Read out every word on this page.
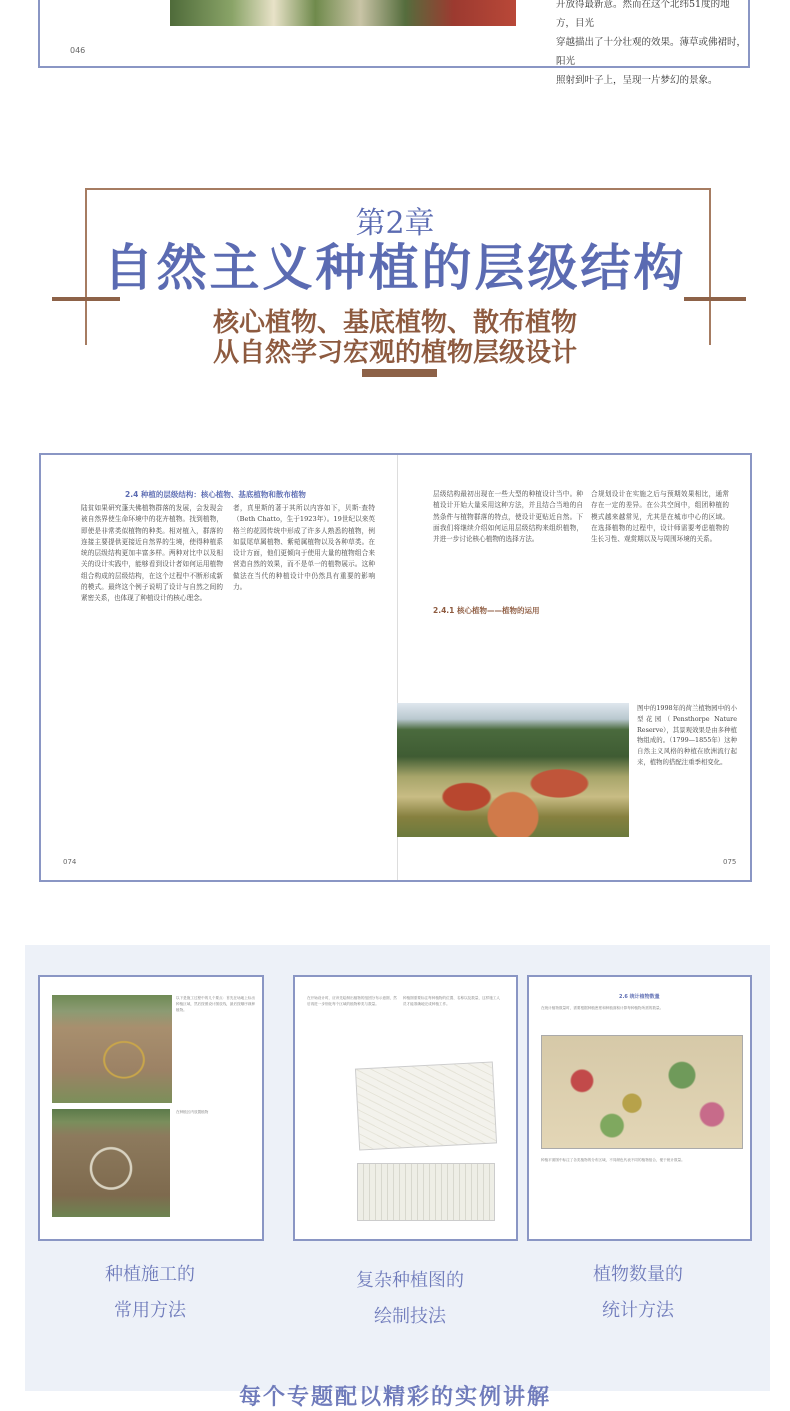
046
开放得最新意。然而在这个北纬51度的地方，目光
穿越描出了十分壮观的效果。薄草或佛裙时，阳光
照射到叶子上，呈现一片梦幻的景象。
第2章
自然主义种植的层级结构
核心植物、基底植物、散布植物
从自然学习宏观的植物层级设计
2.4 种植的层级结构：核心植物、基底植物和散布植物
陆贫如果研究蓬夫佛植物群落的发展，会发现会被自然界使生命环境中的花卉植物。找到植物，即使是非常类似植物的种类。相对植入，群落的连接主要提供更接近自然界的生境，使得种植系统的层级结构更加丰富多样。两种对比中以及相关的设计实践中，能够看到设计者如何运用植物组合构成的层级结构，在这个过程中不断形成新的模式。最终这个例子说明了设计与自然之间的紧密关系，也体现了种植设计的核心理念。
者，真里斯的著于其所以内容如下，贝斯·查特（Beth Chatto，生于1923年）。19世纪以来英格兰的花园传统中形成了许多人熟悉的植物，例如鼠尾草属植物、紫菀属植物以及各种草类。在设计方面，他们更倾向于使用大量的植物组合来营造自然的效果，而不是单一的植物展示。这种做法在当代的种植设计中仍然具有重要的影响力。
层级结构最初出现在一些大型的种植设计当中。种植设计开始大量采用这种方法，并且结合当地的自然条件与植物群落的特点，使设计更贴近自然。下面我们将继续介绍如何运用层级结构来组织植物，并进一步讨论核心植物的选择方法。
2.4.1 核心植物——植物的运用
合规划设计在实施之后与预期效果相比，通常存在一定的差异。在公共空间中，组团种植的模式越来越常见，尤其是在城市中心的区域。在选择植物的过程中，设计师需要考虑植物的生长习性、观赏期以及与周围环境的关系。
图中的1998年的荷兰植物园中的小型花园（Pensthorpe Nature Reserve），其景观效果是由多种植物组成的。（1799—1855年）这种自然主义风格的种植在欧洲流行起来，植物的搭配注重季相变化。
074	075
以下是施工过程中的几个要点：首先在场地上标出种植区域，然后按照设计图放线，最后按顺序栽种植物。
在种植区内放置植物
在开始设计时，应该先绘制出植物的组团分布示意图，然后再进一步细化每个区域的植物种类与数量。
种植图需要标注每种植物的位置、名称以及数量，这样施工人员才能准确地完成种植工作。
2.6 统计植物数量
在统计植物数量时，需要根据种植密度和种植面积计算每种植物所需的数量。
种植平面图中标注了各类植物的分布区域，不同颜色代表不同的植物组合，便于统计数量。
种植施工的
常用方法
复杂种植图的
绘制技法
植物数量的
统计方法
每个专题配以精彩的实例讲解
